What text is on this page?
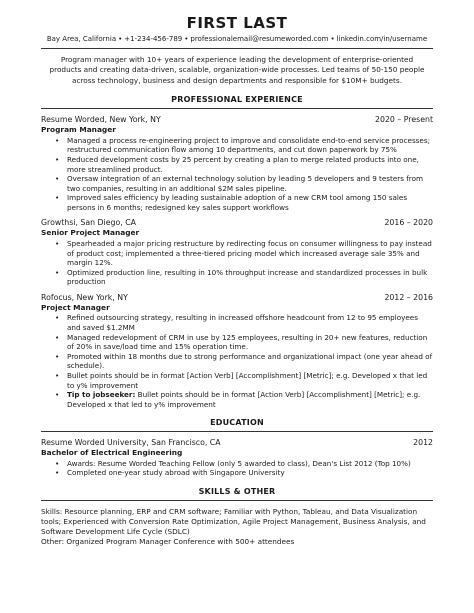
FIRST LAST
Bay Area, California • +1-234-456-789 • professionalemail@resumeworded.com • linkedin.com/in/username
Program manager with 10+ years of experience leading the development of enterprise-oriented products and creating data-driven, scalable, organization-wide processes. Led teams of 50-150 people across technology, business and design departments and responsible for $10M+ budgets.
PROFESSIONAL EXPERIENCE
Resume Worded, New York, NY	2020 – Present
Program Manager
• Managed a process re-engineering project to improve and consolidate end-to-end service processes; restructured communication flow among 10 departments, and cut down paperwork by 75%
• Reduced development costs by 25 percent by creating a plan to merge related products into one, more streamlined product.
• Oversaw integration of an external technology solution by leading 5 developers and 9 testers from two companies, resulting in an additional $2M sales pipeline.
• Improved sales efficiency by leading sustainable adoption of a new CRM tool among 150 sales persons in 6 months; redesigned key sales support workflows
Growthsi, San Diego, CA	2016 – 2020
Senior Project Manager
• Spearheaded a major pricing restructure by redirecting focus on consumer willingness to pay instead of product cost; implemented a three-tiered pricing model which increased average sale 35% and margin 12%.
• Optimized production line, resulting in 10% throughput increase and standardized processes in bulk production
Rofocus, New York, NY	2012 – 2016
Project Manager
• Refined outsourcing strategy, resulting in increased offshore headcount from 12 to 95 employees and saved $1.2MM
• Managed redevelopment of CRM in use by 125 employees, resulting in 20+ new features, reduction of 20% in save/load time and 15% operation time.
• Promoted within 18 months due to strong performance and organizational impact (one year ahead of schedule).
• Bullet points should be in format [Action Verb] [Accomplishment] [Metric]; e.g. Developed x that led to y% improvement
• Tip to jobseeker: Bullet points should be in format [Action Verb] [Accomplishment] [Metric]; e.g. Developed x that led to y% improvement
EDUCATION
Resume Worded University, San Francisco, CA	2012
Bachelor of Electrical Engineering
• Awards: Resume Worded Teaching Fellow (only 5 awarded to class), Dean's List 2012 (Top 10%)
• Completed one-year study abroad with Singapore University
SKILLS & OTHER
Skills: Resource planning, ERP and CRM software; Familiar with Python, Tableau, and Data Visualization tools; Experienced with Conversion Rate Optimization, Agile Project Management, Business Analysis, and Software Development Life Cycle (SDLC)
Other: Organized Program Manager Conference with 500+ attendees
